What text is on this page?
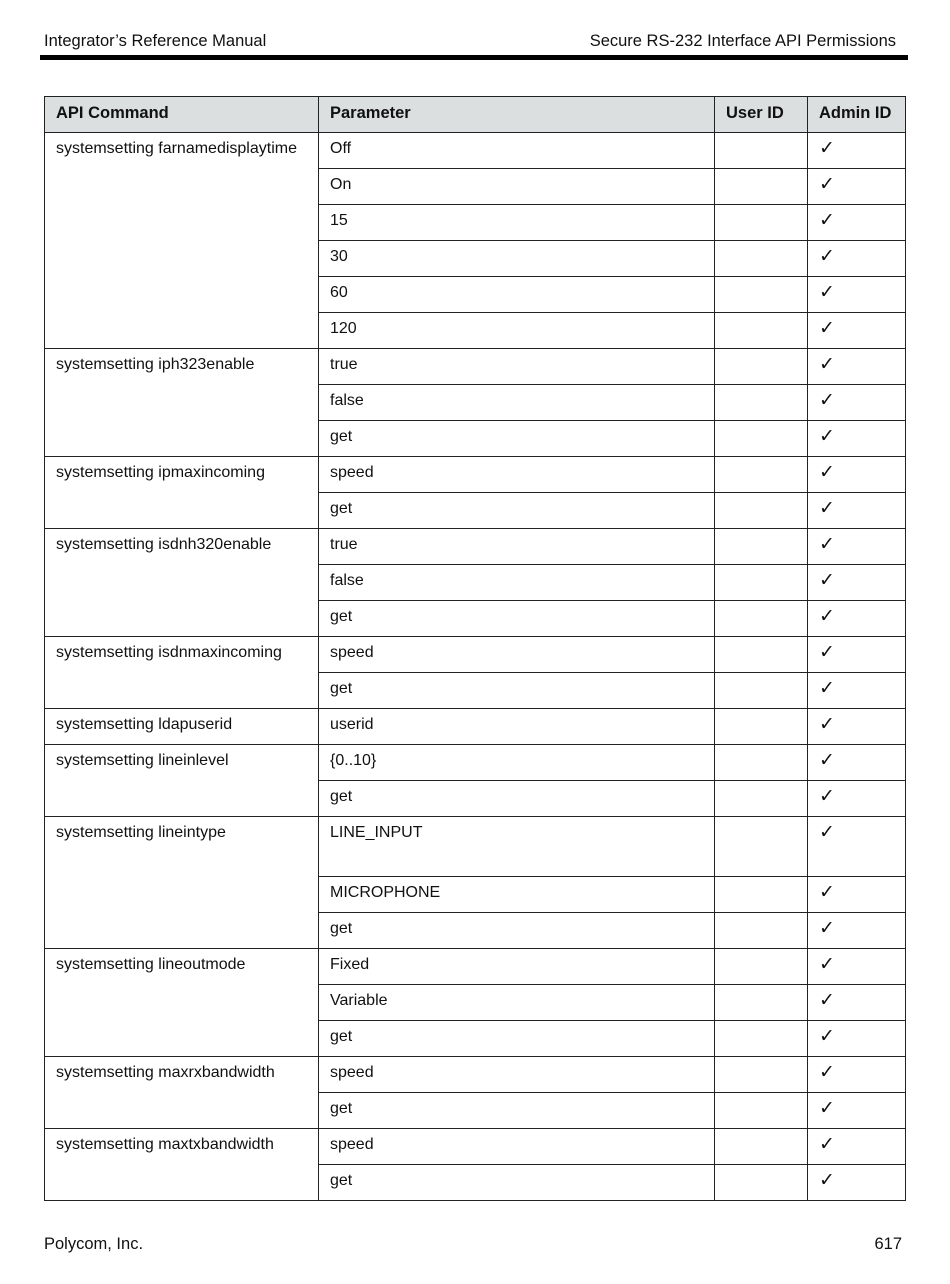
Integrator’s Reference Manual	Secure RS-232 Interface API Permissions
API Command	Parameter	User ID	Admin ID
systemsetting farnamedisplaytime	Off		✓
	On		✓
	15		✓
	30		✓
	60		✓
	120		✓
systemsetting iph323enable	true		✓
	false		✓
	get		✓
systemsetting ipmaxincoming	speed		✓
	get		✓
systemsetting isdnh320enable	true		✓
	false		✓
	get		✓
systemsetting isdnmaxincoming	speed		✓
	get		✓
systemsetting ldapuserid	userid		✓
systemsetting lineinlevel	{0..10}		✓
	get		✓
systemsetting lineintype	LINE_INPUT		✓
	MICROPHONE		✓
	get		✓
systemsetting lineoutmode	Fixed		✓
	Variable		✓
	get		✓
systemsetting maxrxbandwidth	speed		✓
	get		✓
systemsetting maxtxbandwidth	speed		✓
	get		✓
Polycom, Inc.	617
